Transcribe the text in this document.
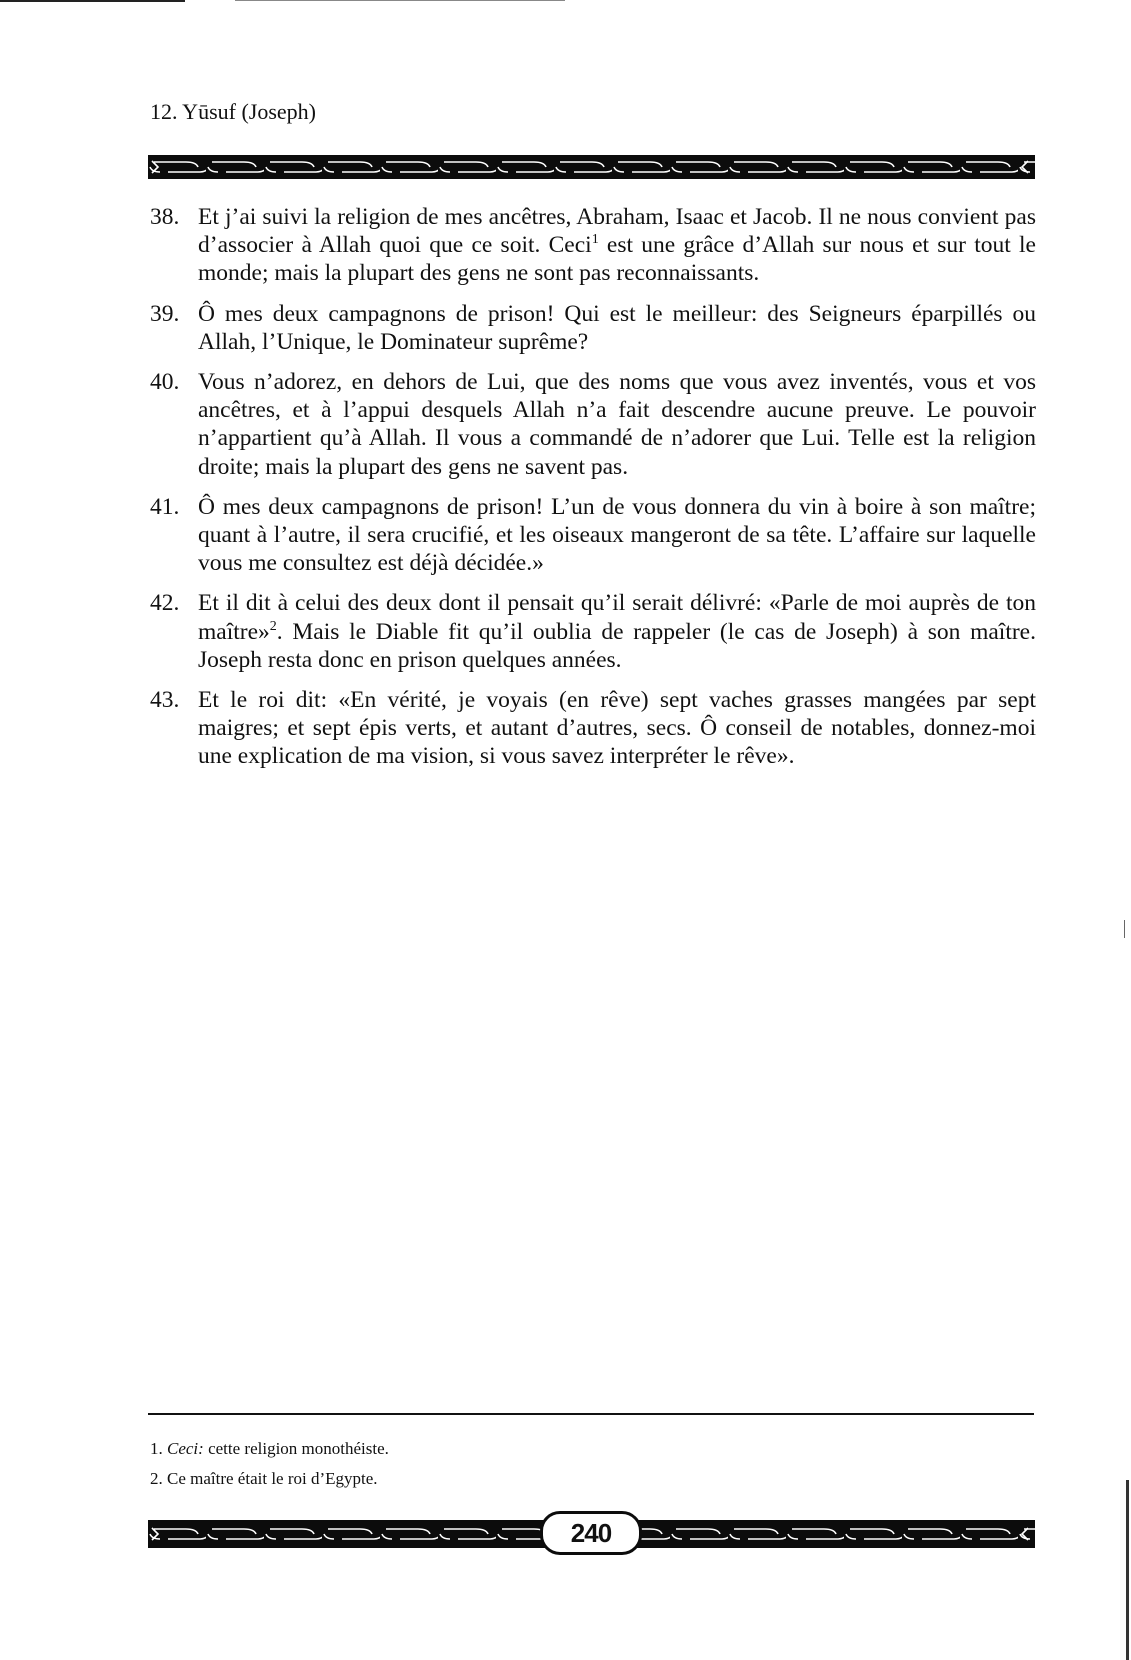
12. Yūsuf (Joseph)
38. Et j’ai suivi la religion de mes ancêtres, Abraham, Isaac et Jacob. Il ne nous convient pas d’associer à Allah quoi que ce soit. Ceci$^1$ est une grâce d’Allah sur nous et sur tout le monde; mais la plupart des gens ne sont pas reconnaissants.
39. Ô mes deux campagnons de prison! Qui est le meilleur: des Seigneurs éparpillés ou Allah, l’Unique, le Dominateur suprême?
40. Vous n’adorez, en dehors de Lui, que des noms que vous avez inventés, vous et vos ancêtres, et à l’appui desquels Allah n’a fait descendre aucune preuve. Le pouvoir n’appartient qu’à Allah. Il vous a commandé de n’adorer que Lui. Telle est la religion droite; mais la plupart des gens ne savent pas.
41. Ô mes deux campagnons de prison! L’un de vous donnera du vin à boire à son maître; quant à l’autre, il sera crucifié, et les oiseaux mangeront de sa tête. L’affaire sur laquelle vous me consultez est déjà décidée.»
42. Et il dit à celui des deux dont il pensait qu’il serait délivré: «Parle de moi auprès de ton maître»$^2$. Mais le Diable fit qu’il oublia de rappeler (le cas de Joseph) à son maître. Joseph resta donc en prison quelques années.
43. Et le roi dit: «En vérité, je voyais (en rêve) sept vaches grasses mangées par sept maigres; et sept épis verts, et autant d’autres, secs. Ô conseil de notables, donnez-moi une explication de ma vision, si vous savez interpréter le rêve».
1. Ceci: cette religion monothéiste.
2. Ce maître était le roi d’Egypte.
240
